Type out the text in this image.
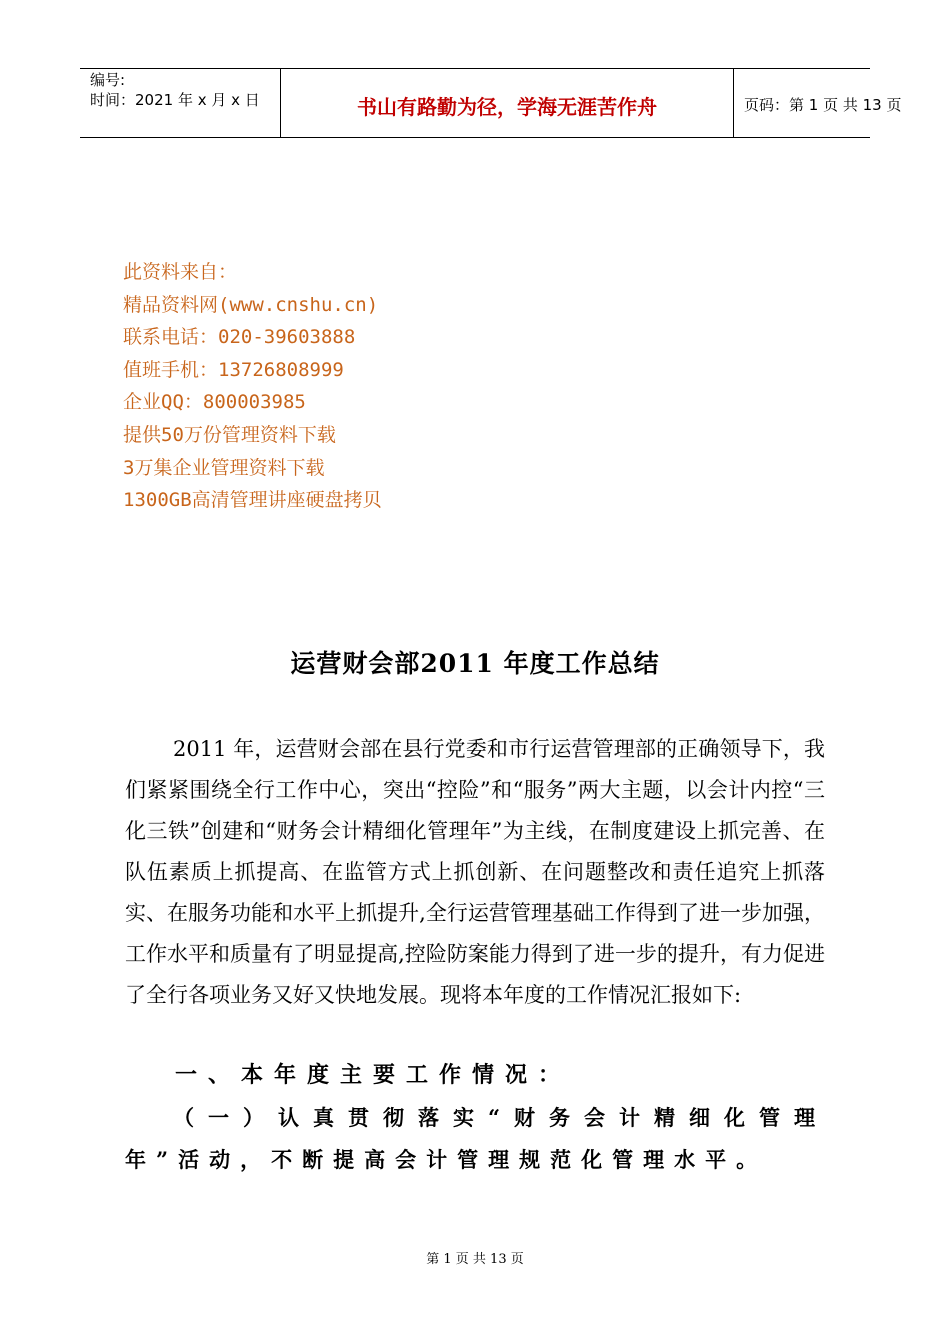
编号:
时间：2021 年 x 月 x 日	书山有路勤为径，学海无涯苦作舟	页码：第 1 页 共 13 页
此资料来自：
精品资料网(www.cnshu.cn)
联系电话：020-39603888
值班手机：13726808999
企业QQ：800003985
提供50万份管理资料下载
3万集企业管理资料下载
1300GB高清管理讲座硬盘拷贝
运营财会部2011 年度工作总结
2011 年，运营财会部在县行党委和市行运营管理部的正确领导下，我们紧紧围绕全行工作中心，突出“控险”和“服务”两大主题，以会计内控“三化三铁”创建和“财务会计精细化管理年”为主线，在制度建设上抓完善、在队伍素质上抓提高、在监管方式上抓创新、在问题整改和责任追究上抓落实、在服务功能和水平上抓提升,全行运营管理基础工作得到了进一步加强，工作水平和质量有了明显提高,控险防案能力得到了进一步的提升，有力促进了全行各项业务又好又快地发展。现将本年度的工作情况汇报如下:
一、本年度主要工作情况：
（一）认真贯彻落实“财务会计精细化管理年”活动，不断提高会计管理规范化管理水平。
第 1 页 共 13 页
